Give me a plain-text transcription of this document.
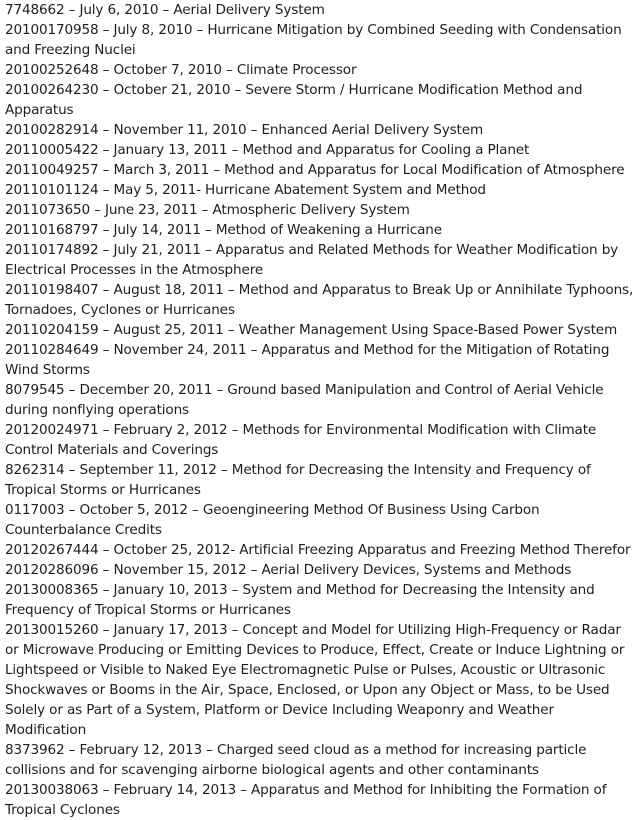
7748662 – July 6, 2010 – Aerial Delivery System

20100170958 – July 8, 2010 – Hurricane Mitigation by Combined Seeding with Condensation and Freezing Nuclei

20100252648 – October 7, 2010 – Climate Processor

20100264230 – October 21, 2010 – Severe Storm / Hurricane Modification Method and Apparatus

20100282914 – November 11, 2010 – Enhanced Aerial Delivery System

20110005422 – January 13, 2011 – Method and Apparatus for Cooling a Planet

20110049257 – March 3, 2011 – Method and Apparatus for Local Modification of Atmosphere

20110101124 – May 5, 2011- Hurricane Abatement System and Method

2011073650 – June 23, 2011 – Atmospheric Delivery System

20110168797 – July 14, 2011 – Method of Weakening a Hurricane

20110174892 – July 21, 2011 – Apparatus and Related Methods for Weather Modification by Electrical Processes in the Atmosphere

20110198407 – August 18, 2011 – Method and Apparatus to Break Up or Annihilate Typhoons, Tornadoes, Cyclones or Hurricanes

20110204159 – August 25, 2011 – Weather Management Using Space-Based Power System

20110284649 – November 24, 2011 – Apparatus and Method for the Mitigation of Rotating Wind Storms

8079545 – December 20, 2011 – Ground based Manipulation and Control of Aerial Vehicle during nonflying operations

20120024971 – February 2, 2012 – Methods for Environmental Modification with Climate Control Materials and Coverings

8262314 – September 11, 2012 – Method for Decreasing the Intensity and Frequency of Tropical Storms or Hurricanes

0117003 – October 5, 2012 – Geoengineering Method Of Business Using Carbon Counterbalance Credits

20120267444 – October 25, 2012- Artificial Freezing Apparatus and Freezing Method Therefor

20120286096 – November 15, 2012 – Aerial Delivery Devices, Systems and Methods

20130008365 – January 10, 2013 – System and Method for Decreasing the Intensity and Frequency of Tropical Storms or Hurricanes

20130015260 – January 17, 2013 – Concept and Model for Utilizing High-Frequency or Radar or Microwave Producing or Emitting Devices to Produce, Effect, Create or Induce Lightning or Lightspeed or Visible to Naked Eye Electromagnetic Pulse or Pulses, Acoustic or Ultrasonic Shockwaves or Booms in the Air, Space, Enclosed, or Upon any Object or Mass, to be Used Solely or as Part of a System, Platform or Device Including Weaponry and Weather Modification

8373962 – February 12, 2013 – Charged seed cloud as a method for increasing particle collisions and for scavenging airborne biological agents and other contaminants

20130038063 – February 14, 2013 – Apparatus and Method for Inhibiting the Formation of Tropical Cyclones
